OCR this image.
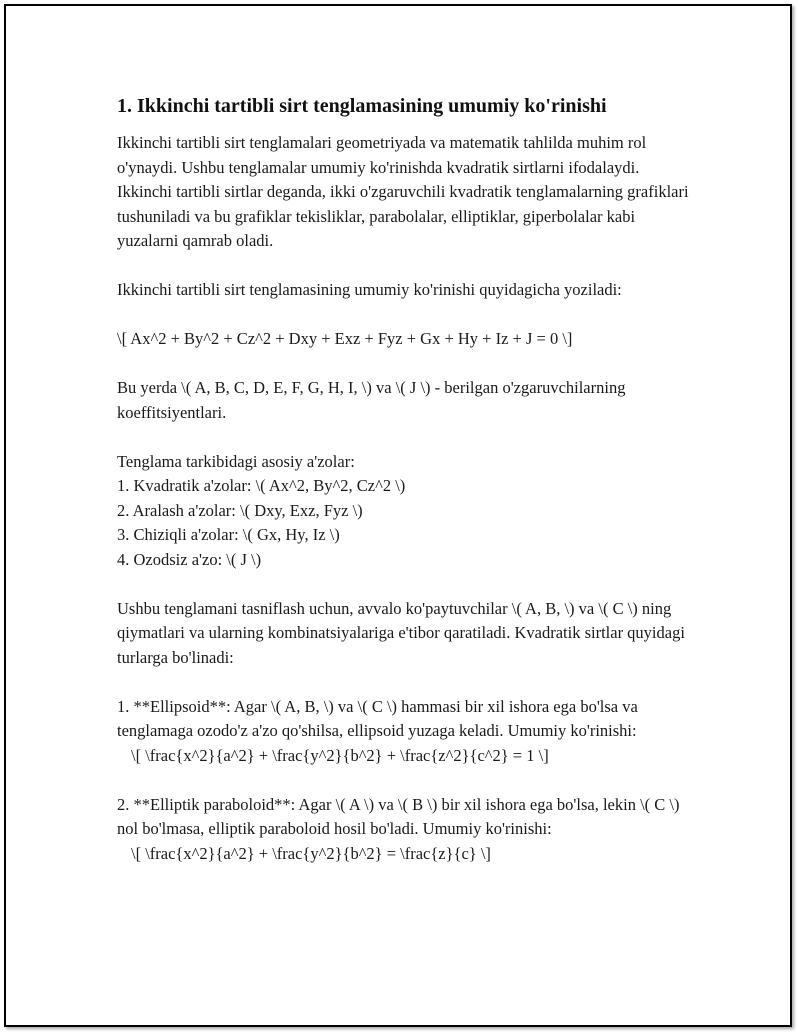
1. Ikkinchi tartibli sirt tenglamasining umumiy ko'rinishi

Ikkinchi tartibli sirt tenglamalari geometriyada va matematik tahlilda muhim rol o'ynaydi. Ushbu tenglamalar umumiy ko'rinishda kvadratik sirtlarni ifodalaydi. Ikkinchi tartibli sirtlar deganda, ikki o'zgaruvchili kvadratik tenglamalarning grafiklari tushuniladi va bu grafiklar tekisliklar, parabolalar, elliptiklar, giperbolalar kabi yuzalarni qamrab oladi.

Ikkinchi tartibli sirt tenglamasining umumiy ko'rinishi quyidagicha yoziladi:

\[ Ax^2 + By^2 + Cz^2 + Dxy + Exz + Fyz + Gx + Hy + Iz + J = 0 \]

Bu yerda \( A, B, C, D, E, F, G, H, I, \) va \( J \) - berilgan o'zgaruvchilarning koeffitsiyentlari.

Tenglama tarkibidagi asosiy a'zolar:
1. Kvadratik a'zolar: \( Ax^2, By^2, Cz^2 \)
2. Aralash a'zolar: \( Dxy, Exz, Fyz \)
3. Chiziqli a'zolar: \( Gx, Hy, Iz \)
4. Ozodsiz a'zo: \( J \)

Ushbu tenglamani tasniflash uchun, avvalo ko'paytuvchilar \( A, B, \) va \( C \) ning qiymatlari va ularning kombinatsiyalariga e'tibor qaratiladi. Kvadratik sirtlar quyidagi turlarga bo'linadi:

1. **Ellipsoid**: Agar \( A, B, \) va \( C \) hammasi bir xil ishora ega bo'lsa va tenglamaga ozodo'z a'zo qo'shilsa, ellipsoid yuzaga keladi. Umumiy ko'rinishi:
\[ \frac{x^2}{a^2} + \frac{y^2}{b^2} + \frac{z^2}{c^2} = 1 \]

2. **Elliptik paraboloid**: Agar \( A \) va \( B \) bir xil ishora ega bo'lsa, lekin \( C \) nol bo'lmasa, elliptik paraboloid hosil bo'ladi. Umumiy ko'rinishi:
\[ \frac{x^2}{a^2} + \frac{y^2}{b^2} = \frac{z}{c} \]
